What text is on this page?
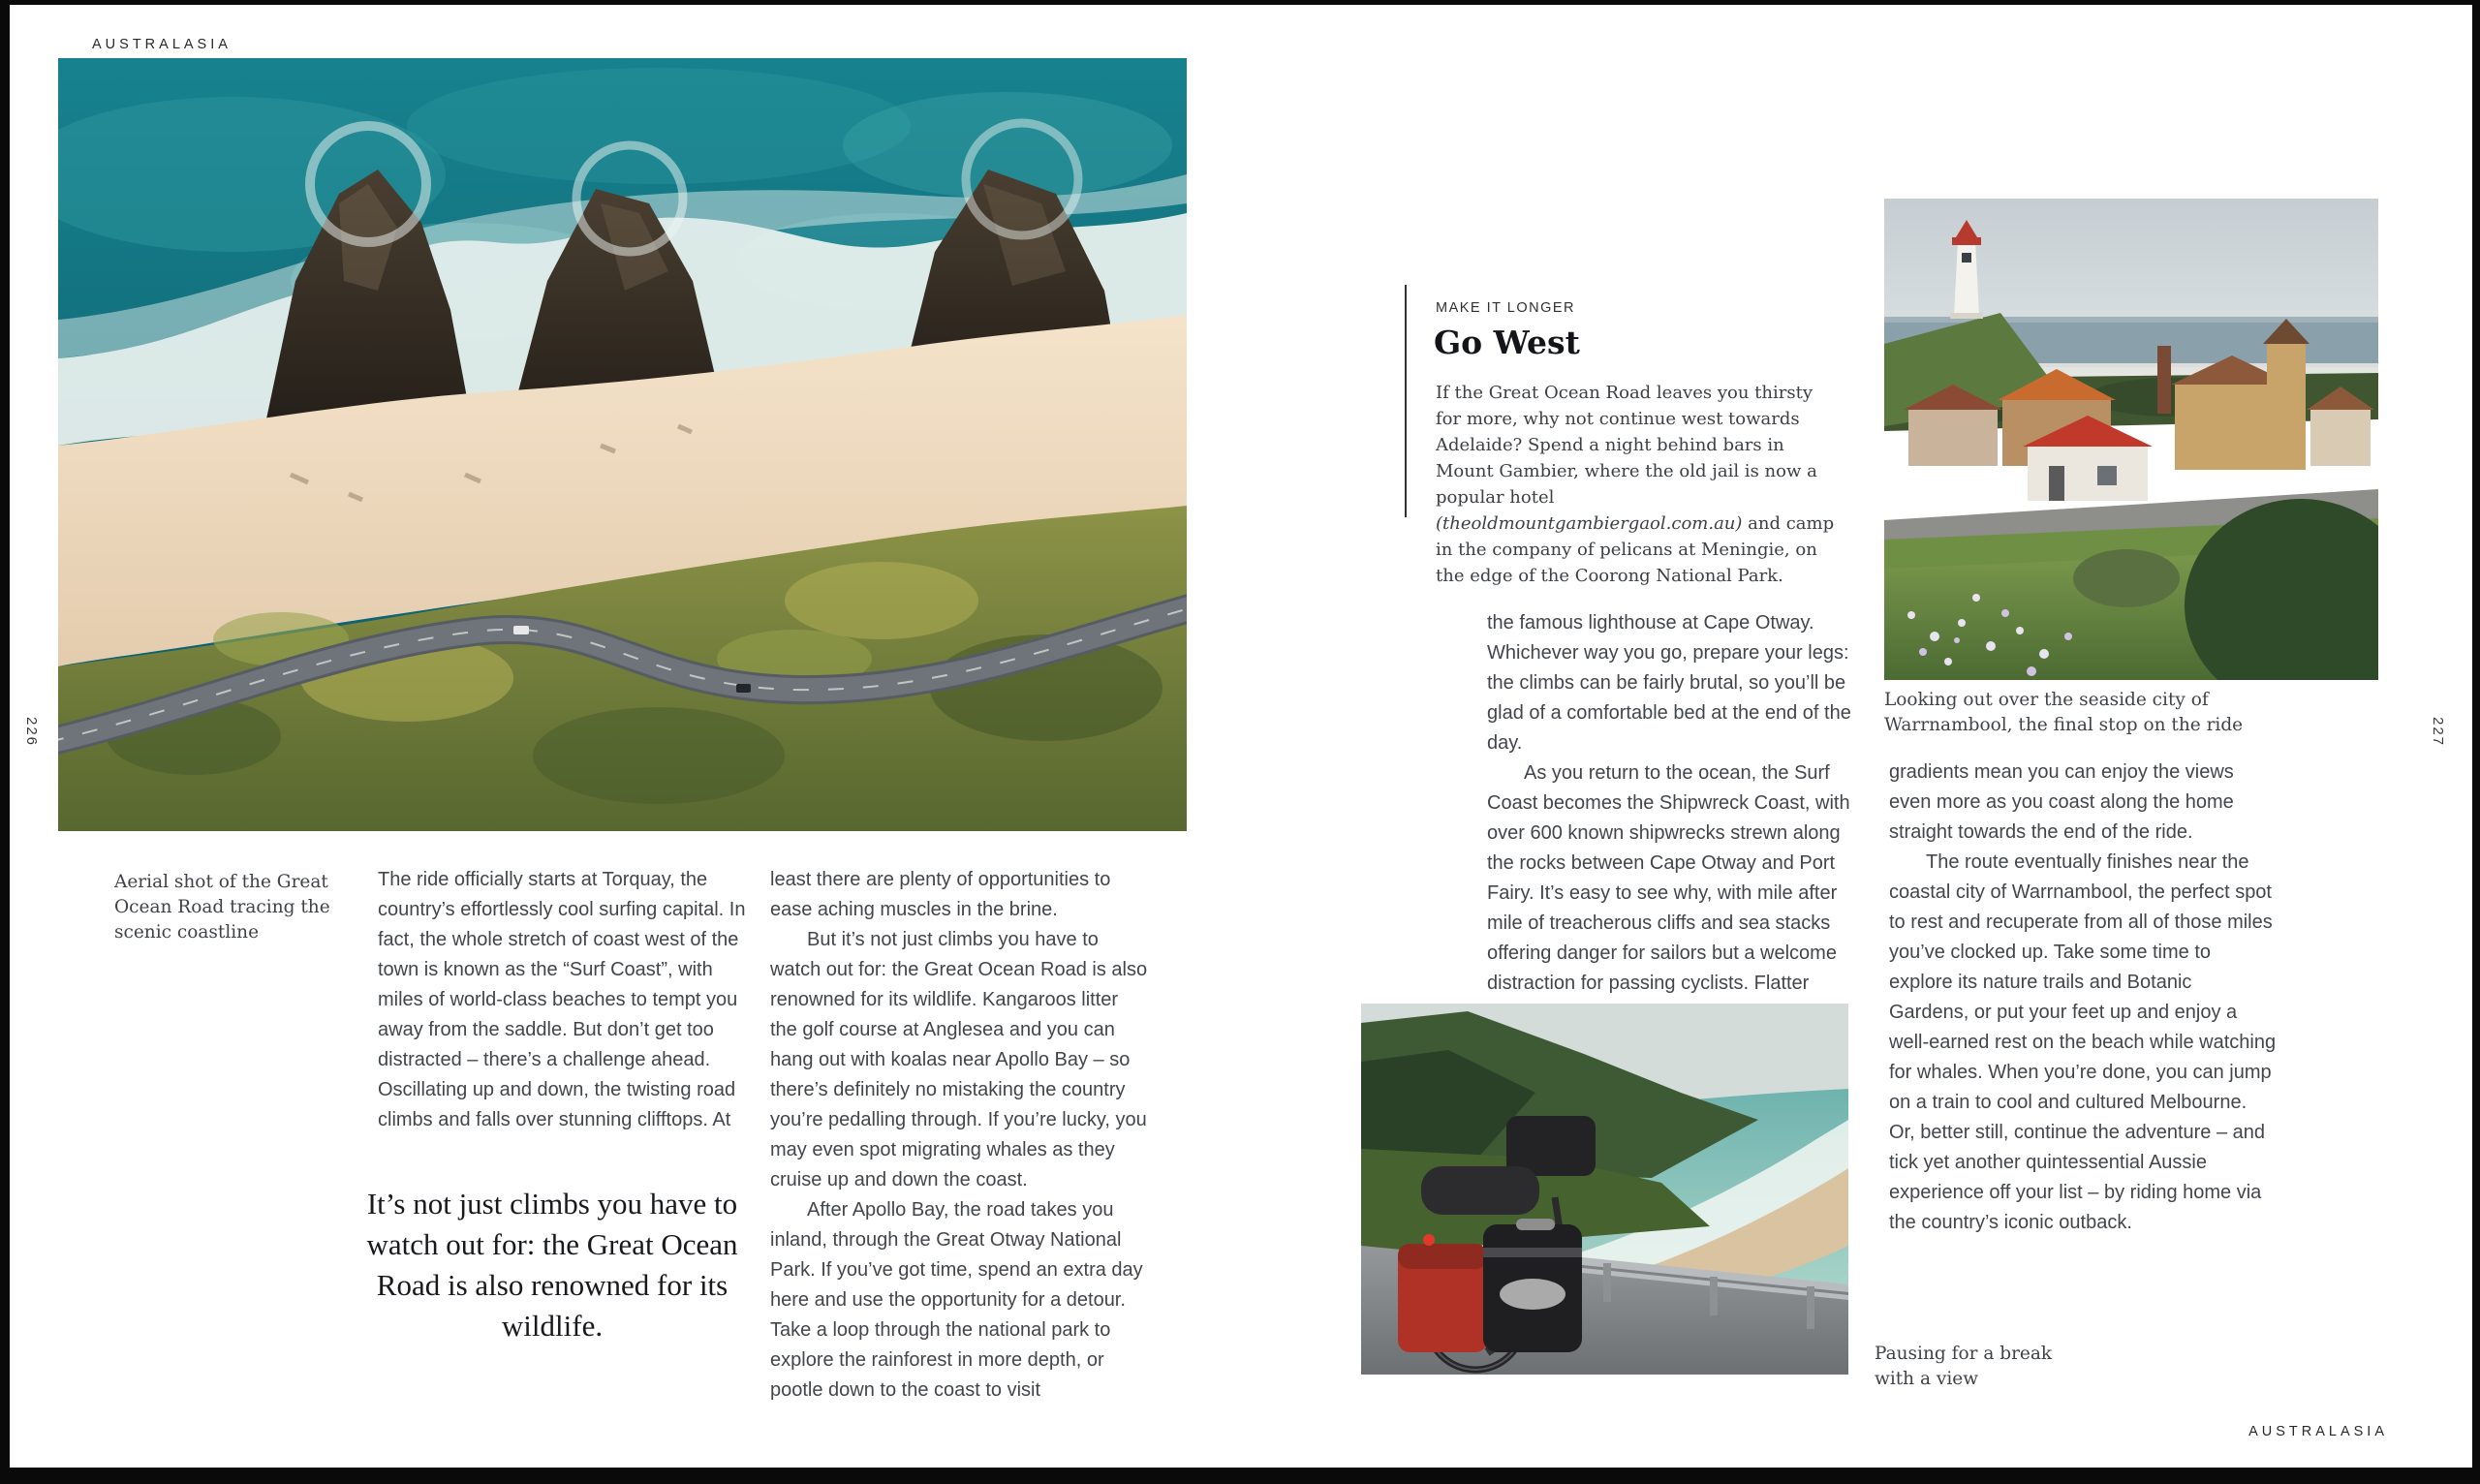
AUSTRALASIA
226
Aerial shot of the Great Ocean Road tracing the scenic coastline

The ride officially starts at Torquay, the country’s effortlessly cool surfing capital. In fact, the whole stretch of coast west of the town is known as the “Surf Coast”, with miles of world-class beaches to tempt you away from the saddle. But don’t get too distracted – there’s a challenge ahead. Oscillating up and down, the twisting road climbs and falls over stunning clifftops. At

It’s not just climbs you have to watch out for: the Great Ocean Road is also renowned for its wildlife.

least there are plenty of opportunities to ease aching muscles in the brine.

But it’s not just climbs you have to watch out for: the Great Ocean Road is also renowned for its wildlife. Kangaroos litter the golf course at Anglesea and you can hang out with koalas near Apollo Bay – so there’s definitely no mistaking the country you’re pedalling through. If you’re lucky, you may even spot migrating whales as they cruise up and down the coast.

After Apollo Bay, the road takes you inland, through the Great Otway National Park. If you’ve got time, spend an extra day here and use the opportunity for a detour. Take a loop through the national park to explore the rainforest in more depth, or pootle down to the coast to visit

MAKE IT LONGER
Go West
If the Great Ocean Road leaves you thirsty for more, why not continue west towards Adelaide? Spend a night behind bars in Mount Gambier, where the old jail is now a popular hotel (theoldmountgambiergaol.com.au) and camp in the company of pelicans at Meningie, on the edge of the Coorong National Park.
Looking out over the seaside city of Warrnambool, the final stop on the ride

the famous lighthouse at Cape Otway. Whichever way you go, prepare your legs: the climbs can be fairly brutal, so you’ll be glad of a comfortable bed at the end of the day.

As you return to the ocean, the Surf Coast becomes the Shipwreck Coast, with over 600 known shipwrecks strewn along the rocks between Cape Otway and Port Fairy. It’s easy to see why, with mile after mile of treacherous cliffs and sea stacks offering danger for sailors but a welcome distraction for passing cyclists. Flatter

gradients mean you can enjoy the views even more as you coast along the home straight towards the end of the ride.

The route eventually finishes near the coastal city of Warrnambool, the perfect spot to rest and recuperate from all of those miles you’ve clocked up. Take some time to explore its nature trails and Botanic Gardens, or put your feet up and enjoy a well-earned rest on the beach while watching for whales. When you’re done, you can jump on a train to cool and cultured Melbourne. Or, better still, continue the adventure – and tick yet another quintessential Aussie experience off your list – by riding home via the country’s iconic outback.

Pausing for a break with a view
227
AUSTRALASIA
